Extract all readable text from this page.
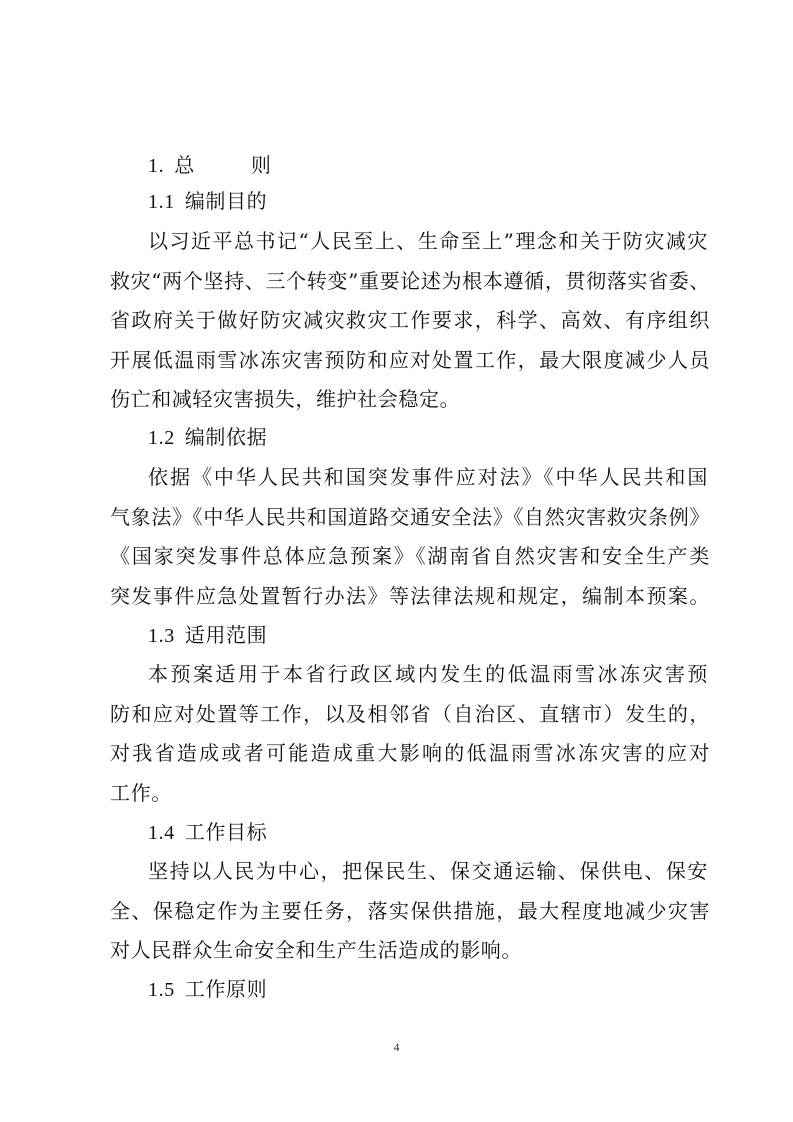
1. 总	则
1.1 编制目的
以习近平总书记“人民至上、生命至上”理念和关于防灾减灾
救灾“两个坚持、三个转变”重要论述为根本遵循，贯彻落实省委、
省政府关于做好防灾减灾救灾工作要求，科学、高效、有序组织
开展低温雨雪冰冻灾害预防和应对处置工作，最大限度减少人员
伤亡和减轻灾害损失，维护社会稳定。
1.2 编制依据
依据《中华人民共和国突发事件应对法》《中华人民共和国
气象法》《中华人民共和国道路交通安全法》《自然灾害救灾条例》
《国家突发事件总体应急预案》《湖南省自然灾害和安全生产类
突发事件应急处置暂行办法》等法律法规和规定，编制本预案。
1.3 适用范围
本预案适用于本省行政区域内发生的低温雨雪冰冻灾害预
防和应对处置等工作，以及相邻省（自治区、直辖市）发生的，
对我省造成或者可能造成重大影响的低温雨雪冰冻灾害的应对
工作。
1.4 工作目标
坚持以人民为中心，把保民生、保交通运输、保供电、保安
全、保稳定作为主要任务，落实保供措施，最大程度地减少灾害
对人民群众生命安全和生产生活造成的影响。
1.5 工作原则
4
